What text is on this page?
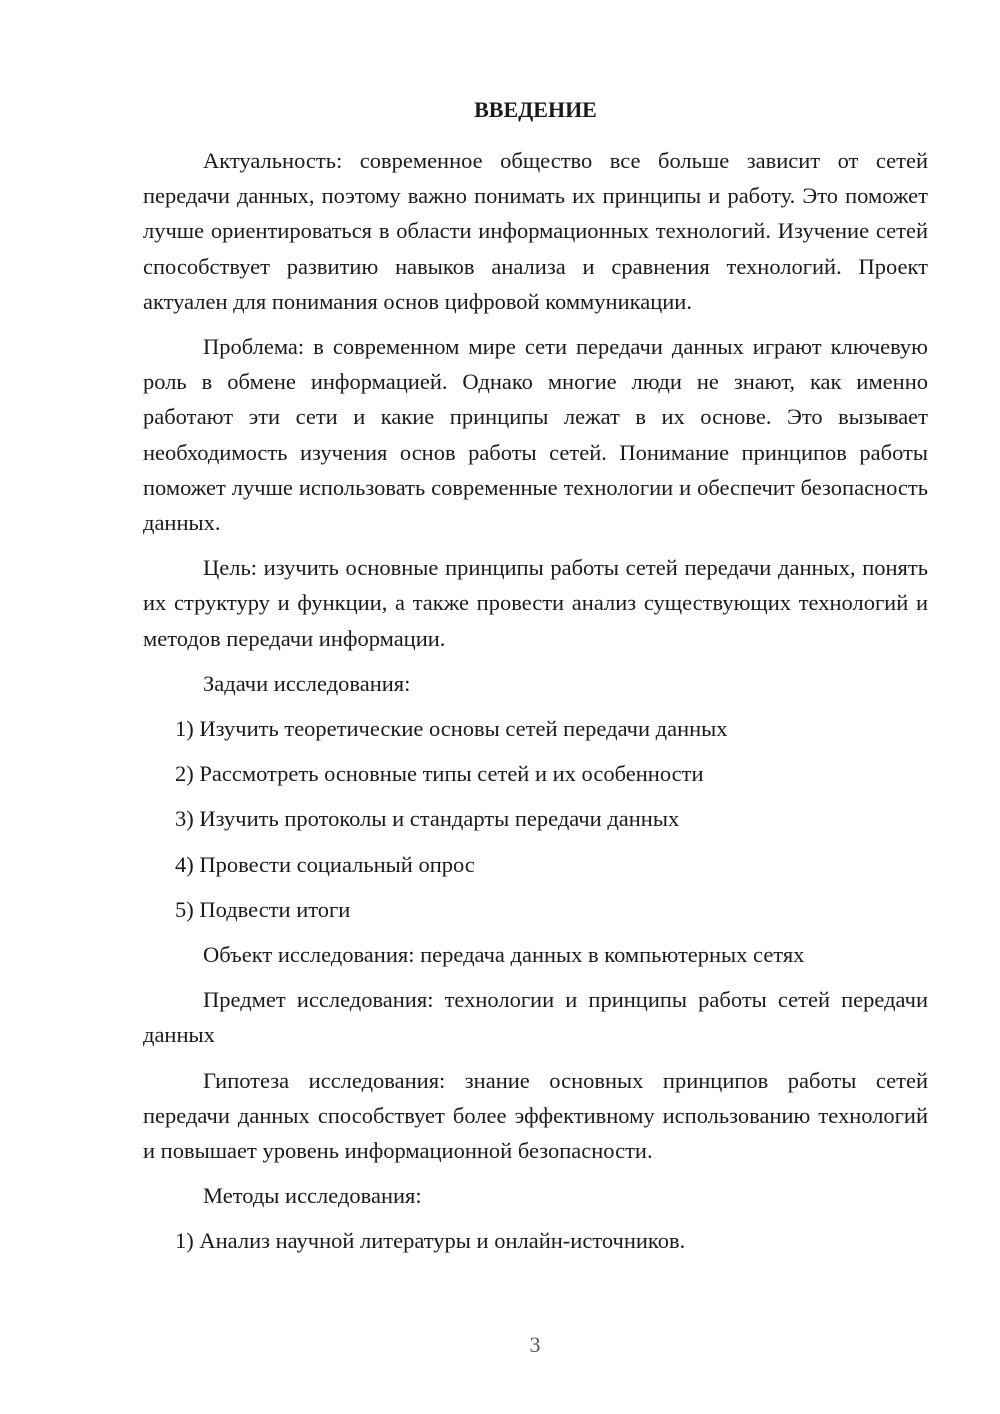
ВВЕДЕНИЕ

Актуальность: современное общество все больше зависит от сетей передачи данных, поэтому важно понимать их принципы и работу. Это поможет лучше ориентироваться в области информационных технологий. Изучение сетей способствует развитию навыков анализа и сравнения технологий. Проект актуален для понимания основ цифровой коммуникации.

Проблема: в современном мире сети передачи данных играют ключевую роль в обмене информацией. Однако многие люди не знают, как именно работают эти сети и какие принципы лежат в их основе. Это вызывает необходимость изучения основ работы сетей. Понимание принципов работы поможет лучше использовать современные технологии и обеспечит безопасность данных.

Цель: изучить основные принципы работы сетей передачи данных, понять их структуру и функции, а также провести анализ существующих технологий и методов передачи информации.

Задачи исследования:

1) Изучить теоретические основы сетей передачи данных

2) Рассмотреть основные типы сетей и их особенности

3) Изучить протоколы и стандарты передачи данных

4) Провести социальный опрос

5) Подвести итоги

Объект исследования: передача данных в компьютерных сетях

Предмет исследования: технологии и принципы работы сетей передачи данных

Гипотеза исследования: знание основных принципов работы сетей передачи данных способствует более эффективному использованию технологий и повышает уровень информационной безопасности.

Методы исследования:

1) Анализ научной литературы и онлайн-источников.

3
